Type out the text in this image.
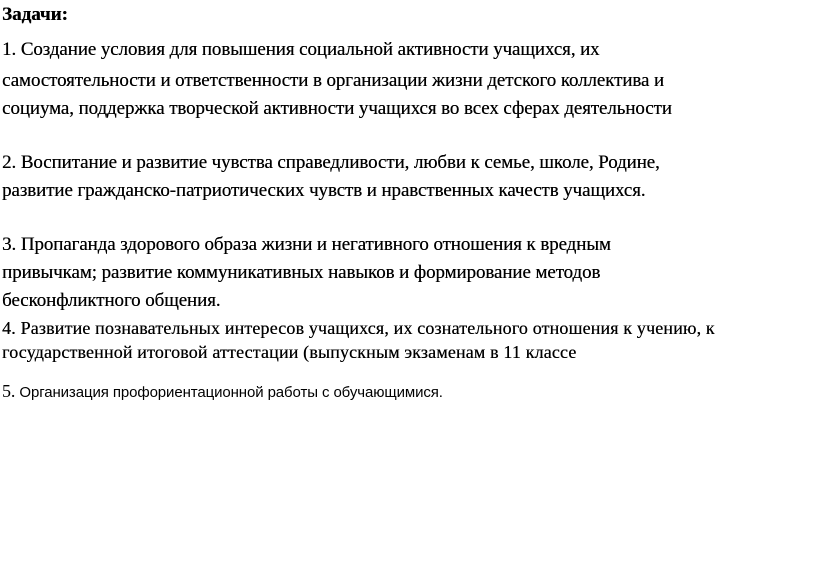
Задачи:
1. Создание условия для повышения социальной активности учащихся, их
самостоятельности и ответственности в организации жизни детского коллектива и
социума, поддержка творческой активности учащихся во всех сферах деятельности
2. Воспитание и развитие чувства справедливости, любви к семье, школе, Родине,
развитие гражданско-патриотических чувств и нравственных качеств учащихся.
3. Пропаганда здорового образа жизни и негативного отношения к вредным
привычкам; развитие коммуникативных навыков и формирование методов
бесконфликтного общения.
4. Развитие познавательных интересов учащихся, их сознательного отношения к учению, к
государственной итоговой аттестации (выпускным экзаменам в 11 классе
5. Организация профориентационной работы с обучающимися.
